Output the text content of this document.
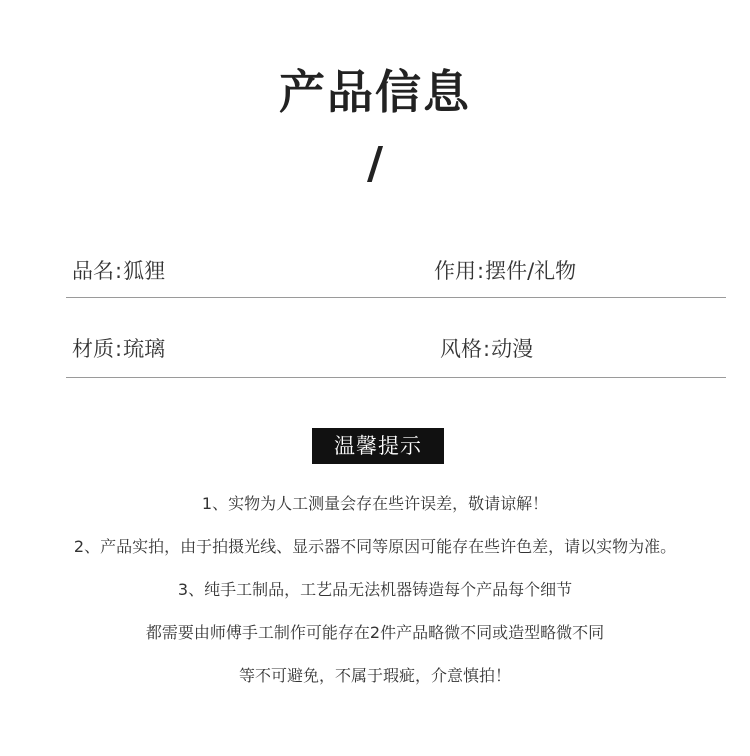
产品信息
/
品名:狐狸	作用:摆件/礼物
材质:琉璃	风格:动漫
温馨提示
1、实物为人工测量会存在些许误差，敬请谅解！
2、产品实拍，由于拍摄光线、显示器不同等原因可能存在些许色差，请以实物为准。
3、纯手工制品，工艺品无法机器铸造每个产品每个细节
都需要由师傅手工制作可能存在2件产品略微不同或造型略微不同
等不可避免，不属于瑕疵，介意慎拍！
